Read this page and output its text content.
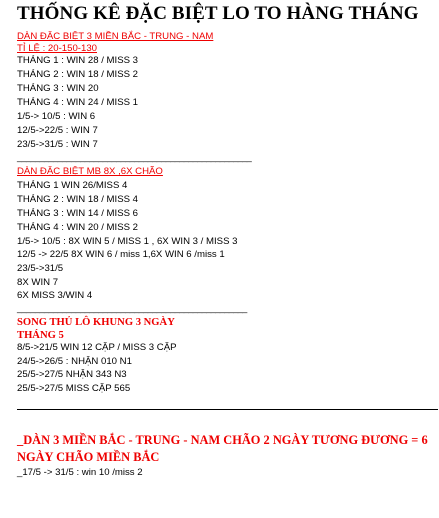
THỐNG KÊ ĐẶC BIỆT LO TO HÀNG THÁNG
DÀN ĐẶC BIỆT 3 MIỀN BẮC - TRUNG - NAM
TỈ LỆ : 20-150-130
THÁNG 1 : WIN 28 / MISS 3
THÁNG 2 : WIN 18 / MISS 2
THÁNG 3 : WIN 20
THÁNG 4 : WIN 24 / MISS 1
1/5-> 10/5 : WIN 6
12/5->22/5 : WIN 7
23/5->31/5 : WIN 7
____________________________________________________
DÀN ĐẶC BIỆT MB 8X ,6X CHÃO
THÁNG 1 WIN 26/MISS 4
THÁNG 2 : WIN 18 / MISS 4
THÁNG 3 : WIN 14 / MISS 6
THÁNG 4 : WIN 20 / MISS 2
1/5-> 10/5 : 8X WIN 5 / MISS 1 , 6X WIN 3 / MISS 3
12/5 -> 22/5 8X WIN 6 / miss 1,6X WIN 6 /miss 1
23/5->31/5
8X WIN 7
6X MISS 3/WIN 4
___________________________________________________
SONG THỦ LÔ KHUNG 3 NGÀY
THÁNG 5
8/5->21/5 WIN 12 CẶP / MISS 3 CẶP
24/5->26/5 : NHẬN 010 N1
25/5->27/5 NHẬN 343 N3
25/5->27/5 MISS CẶP 565
_DÀN 3 MIỀN BẮC - TRUNG - NAM CHÃO 2 NGÀY TƯƠNG ĐƯƠNG = 6 NGÀY CHÃO MIỀN BẮC
_17/5 -> 31/5 : win 10 /miss 2
